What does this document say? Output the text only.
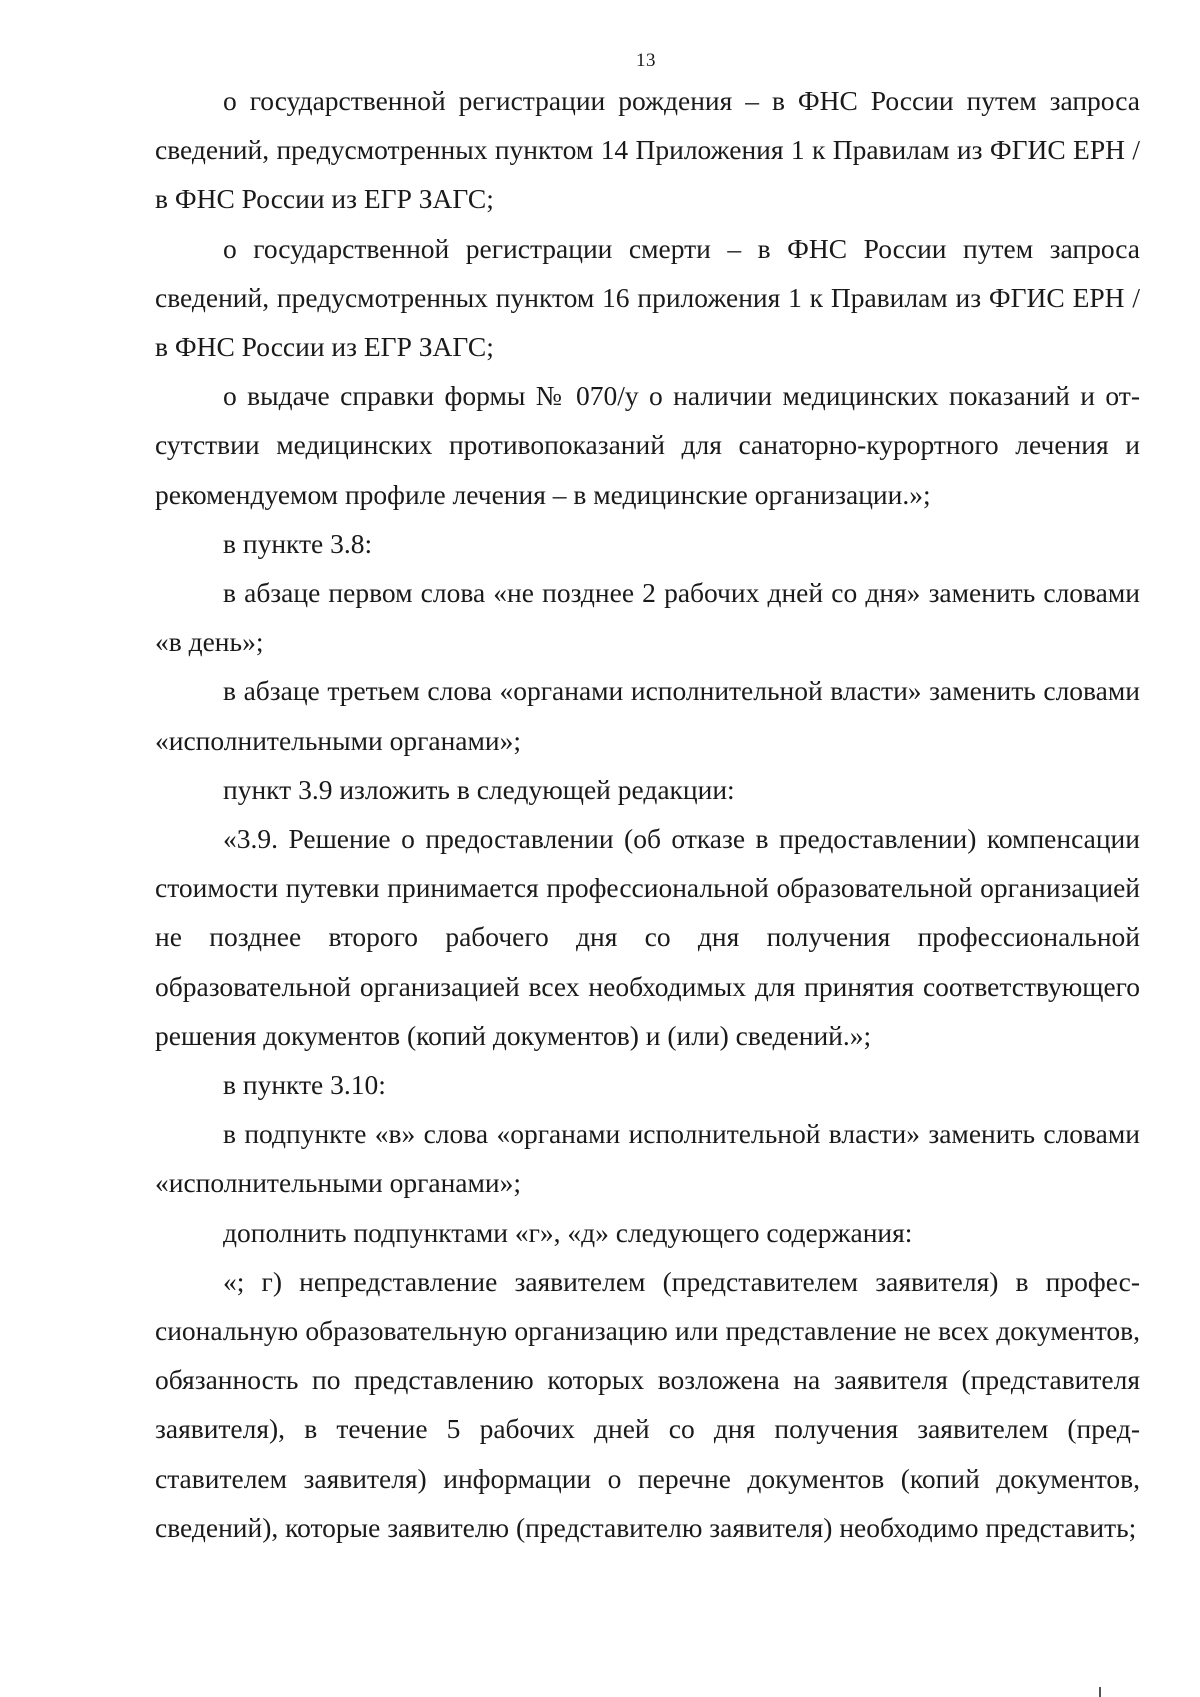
13

о государственной регистрации рождения – в ФНС России путем запроса сведений, предусмотренных пунктом 14 Приложения 1 к Правилам из ФГИС ЕРН / в ФНС России из ЕГР ЗАГС;

о государственной регистрации смерти – в ФНС России путем запроса сведений, предусмотренных пунктом 16 приложения 1 к Правилам из ФГИС ЕРН / в ФНС России из ЕГР ЗАГС;

о выдаче справки формы № 070/у о наличии медицинских показаний и отсутствии медицинских противопоказаний для санаторно-курортного лечения и рекомендуемом профиле лечения – в медицинские организации.»;

в пункте 3.8:

в абзаце первом слова «не позднее 2 рабочих дней со дня» заменить словами «в день»;

в абзаце третьем слова «органами исполнительной власти» заменить словами «исполнительными органами»;

пункт 3.9 изложить в следующей редакции:

«3.9. Решение о предоставлении (об отказе в предоставлении) компенсации стоимости путевки принимается профессиональной образовательной организацией не позднее второго рабочего дня со дня получения профессиональной образовательной организацией всех необходимых для принятия соответствующего решения документов (копий документов) и (или) сведений.»;

в пункте 3.10:

в подпункте «в» слова «органами исполнительной власти» заменить словами «исполнительными органами»;

дополнить подпунктами «г», «д» следующего содержания:

«; г) непредставление заявителем (представителем заявителя) в профессиональную образовательную организацию или представление не всех документов, обязанность по представлению которых возложена на заявителя (представителя заявителя), в течение 5 рабочих дней со дня получения заявителем (представителем заявителя) информации о перечне документов (копий документов, сведений), которые заявителю (представителю заявителя) необходимо представить;
